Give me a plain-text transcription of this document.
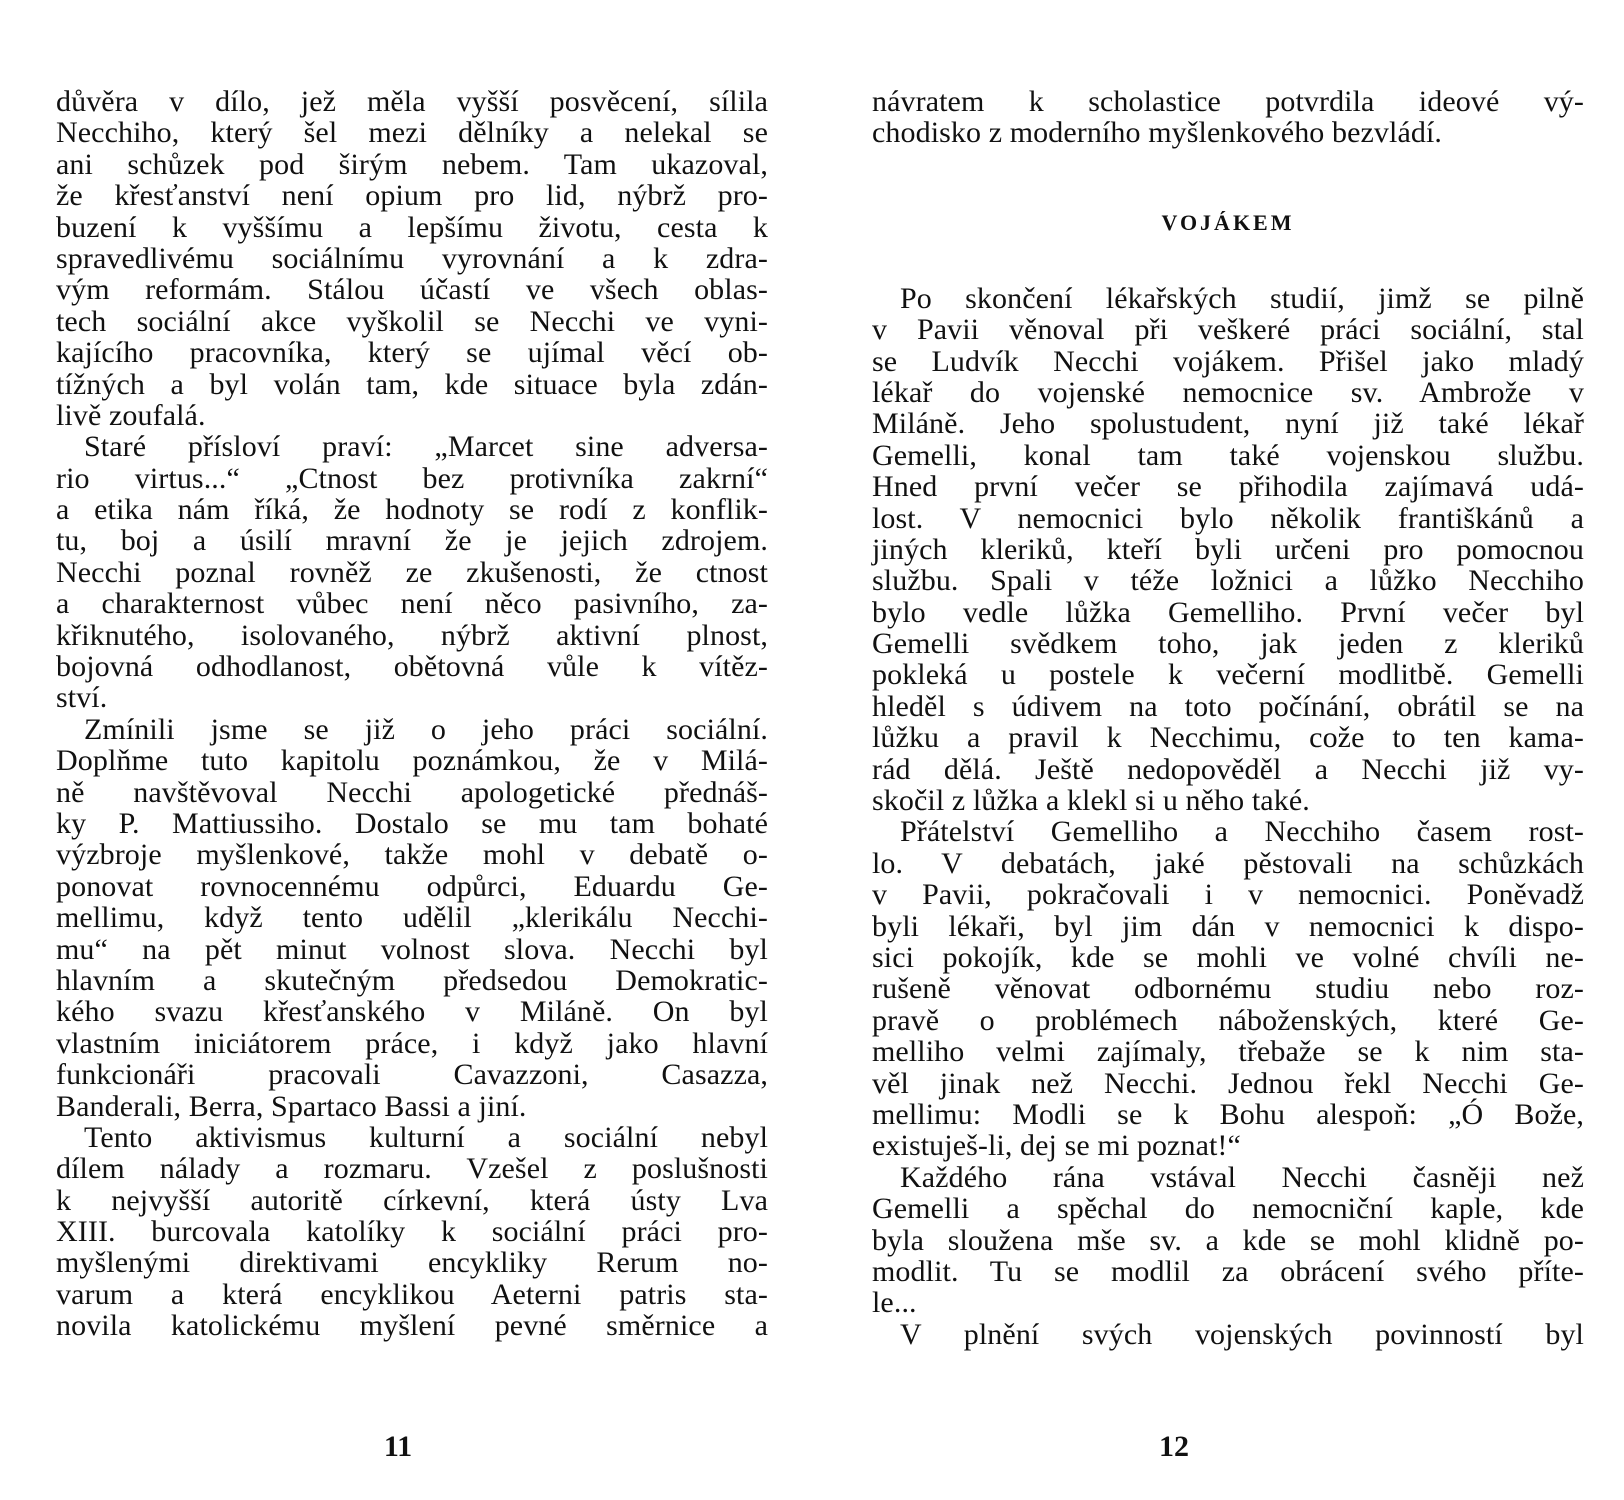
důvěra v dílo, jež měla vyšší posvěcení, sílila
Necchiho, který šel mezi dělníky a nelekal se
ani schůzek pod širým nebem. Tam ukazoval,
že křesťanství není opium pro lid, nýbrž pro-
buzení k vyššímu a lepšímu životu, cesta k
spravedlivému sociálnímu vyrovnání a k zdra-
vým reformám. Stálou účastí ve všech oblas-
tech sociální akce vyškolil se Necchi ve vyni-
kajícího pracovníka, který se ujímal věcí ob-
tížných a byl volán tam, kde situace byla zdán-
livě zoufalá.
Staré přísloví praví: „Marcet sine adversa-
rio virtus...“ „Ctnost bez protivníka zakrní“
a etika nám říká, že hodnoty se rodí z konflik-
tu, boj a úsilí mravní že je jejich zdrojem.
Necchi poznal rovněž ze zkušenosti, že ctnost
a charakternost vůbec není něco pasivního, za-
křiknutého, isolovaného, nýbrž aktivní plnost,
bojovná odhodlanost, obětovná vůle k vítěz-
ství.
Zmínili jsme se již o jeho práci sociální.
Doplňme tuto kapitolu poznámkou, že v Milá-
ně navštěvoval Necchi apologetické přednáš-
ky P. Mattiussiho. Dostalo se mu tam bohaté
výzbroje myšlenkové, takže mohl v debatě o-
ponovat rovnocennému odpůrci, Eduardu Ge-
mellimu, když tento udělil „klerikálu Necchi-
mu“ na pět minut volnost slova. Necchi byl
hlavním a skutečným předsedou Demokratic-
kého svazu křesťanského v Miláně. On byl
vlastním iniciátorem práce, i když jako hlavní
funkcionáři pracovali Cavazzoni, Casazza,
Banderali, Berra, Spartaco Bassi a jiní.
Tento aktivismus kulturní a sociální nebyl
dílem nálady a rozmaru. Vzešel z poslušnosti
k nejvyšší autoritě církevní, která ústy Lva
XIII. burcovala katolíky k sociální práci pro-
myšlenými direktivami encykliky Rerum no-
varum a která encyklikou Aeterni patris sta-
novila katolickému myšlení pevné směrnice a
11
návratem k scholastice potvrdila ideové vý-
chodisko z moderního myšlenkového bezvládí.
VOJÁKEM
Po skončení lékařských studií, jimž se pilně
v Pavii věnoval při veškeré práci sociální, stal
se Ludvík Necchi vojákem. Přišel jako mladý
lékař do vojenské nemocnice sv. Ambrože v
Miláně. Jeho spolustudent, nyní již také lékař
Gemelli, konal tam také vojenskou službu.
Hned první večer se přihodila zajímavá udá-
lost. V nemocnici bylo několik františkánů a
jiných kleriků, kteří byli určeni pro pomocnou
službu. Spali v téže ložnici a lůžko Necchiho
bylo vedle lůžka Gemelliho. První večer byl
Gemelli svědkem toho, jak jeden z kleriků
pokleká u postele k večerní modlitbě. Gemelli
hleděl s údivem na toto počínání, obrátil se na
lůžku a pravil k Necchimu, cože to ten kama-
rád dělá. Ještě nedopověděl a Necchi již vy-
skočil z lůžka a klekl si u něho také.
Přátelství Gemelliho a Necchiho časem rost-
lo. V debatách, jaké pěstovali na schůzkách
v Pavii, pokračovali i v nemocnici. Poněvadž
byli lékaři, byl jim dán v nemocnici k dispo-
sici pokojík, kde se mohli ve volné chvíli ne-
rušeně věnovat odbornému studiu nebo roz-
pravě o problémech náboženských, které Ge-
melliho velmi zajímaly, třebaže se k nim sta-
věl jinak než Necchi. Jednou řekl Necchi Ge-
mellimu: Modli se k Bohu alespoň: „Ó Bože,
existuješ-li, dej se mi poznat!“
Každého rána vstával Necchi časněji než
Gemelli a spěchal do nemocniční kaple, kde
byla sloužena mše sv. a kde se mohl klidně po-
modlit. Tu se modlil za obrácení svého příte-
le...
V plnění svých vojenských povinností byl
12
